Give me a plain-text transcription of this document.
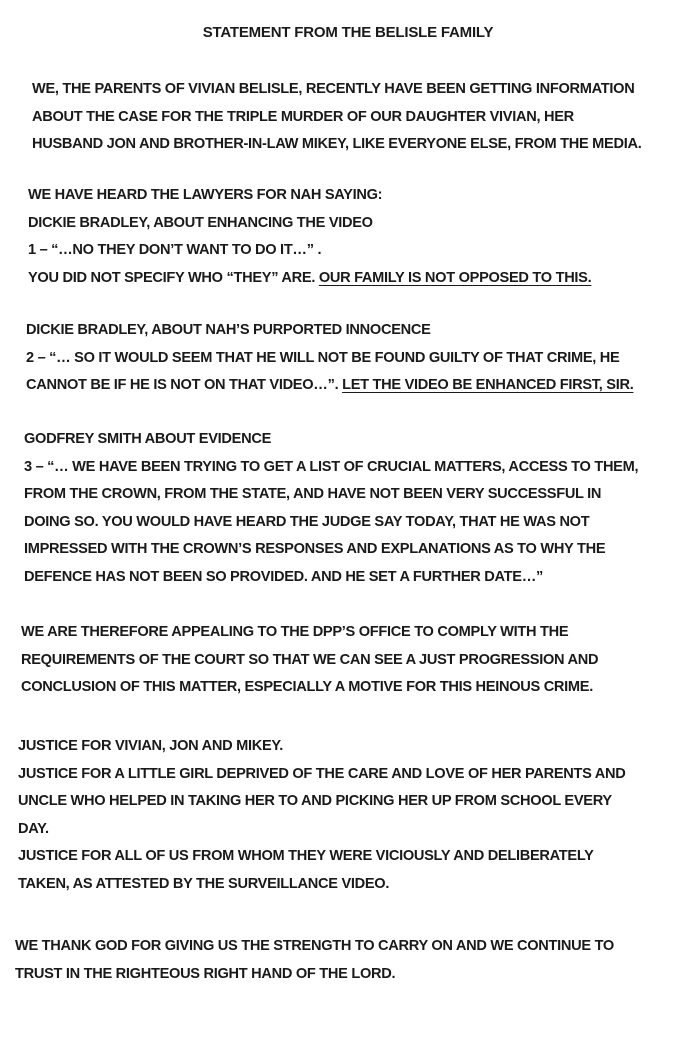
STATEMENT FROM THE BELISLE FAMILY
WE, THE PARENTS OF VIVIAN BELISLE, RECENTLY HAVE BEEN GETTING INFORMATION
ABOUT THE CASE FOR THE TRIPLE MURDER OF OUR DAUGHTER VIVIAN, HER
HUSBAND JON AND BROTHER-IN-LAW MIKEY, LIKE EVERYONE ELSE, FROM THE MEDIA.
WE HAVE HEARD THE LAWYERS FOR NAH SAYING:
DICKIE BRADLEY, ABOUT ENHANCING THE VIDEO
1 – “…NO THEY DON’T WANT TO DO IT…” .
YOU DID NOT SPECIFY WHO “THEY” ARE. OUR FAMILY IS NOT OPPOSED TO THIS.
DICKIE BRADLEY, ABOUT NAH’S PURPORTED INNOCENCE
2 – “… SO IT WOULD SEEM THAT HE WILL NOT BE FOUND GUILTY OF THAT CRIME, HE
CANNOT BE IF HE IS NOT ON THAT VIDEO…”. LET THE VIDEO BE ENHANCED FIRST, SIR.
GODFREY SMITH ABOUT EVIDENCE
3 – “… WE HAVE BEEN TRYING TO GET A LIST OF CRUCIAL MATTERS, ACCESS TO THEM,
FROM THE CROWN, FROM THE STATE, AND HAVE NOT BEEN VERY SUCCESSFUL IN
DOING SO. YOU WOULD HAVE HEARD THE JUDGE SAY TODAY, THAT HE WAS NOT
IMPRESSED WITH THE CROWN’S RESPONSES AND EXPLANATIONS AS TO WHY THE
DEFENCE HAS NOT BEEN SO PROVIDED. AND HE SET A FURTHER DATE…”
WE ARE THEREFORE APPEALING TO THE DPP’S OFFICE TO COMPLY WITH THE
REQUIREMENTS OF THE COURT SO THAT WE CAN SEE A JUST PROGRESSION AND
CONCLUSION OF THIS MATTER, ESPECIALLY A MOTIVE FOR THIS HEINOUS CRIME.
JUSTICE FOR VIVIAN, JON AND MIKEY.
JUSTICE FOR A LITTLE GIRL DEPRIVED OF THE CARE AND LOVE OF HER PARENTS AND
UNCLE WHO HELPED IN TAKING HER TO AND PICKING HER UP FROM SCHOOL EVERY
DAY.
JUSTICE FOR ALL OF US FROM WHOM THEY WERE VICIOUSLY AND DELIBERATELY
TAKEN, AS ATTESTED BY THE SURVEILLANCE VIDEO.
WE THANK GOD FOR GIVING US THE STRENGTH TO CARRY ON AND WE CONTINUE TO
TRUST IN THE RIGHTEOUS RIGHT HAND OF THE LORD.
